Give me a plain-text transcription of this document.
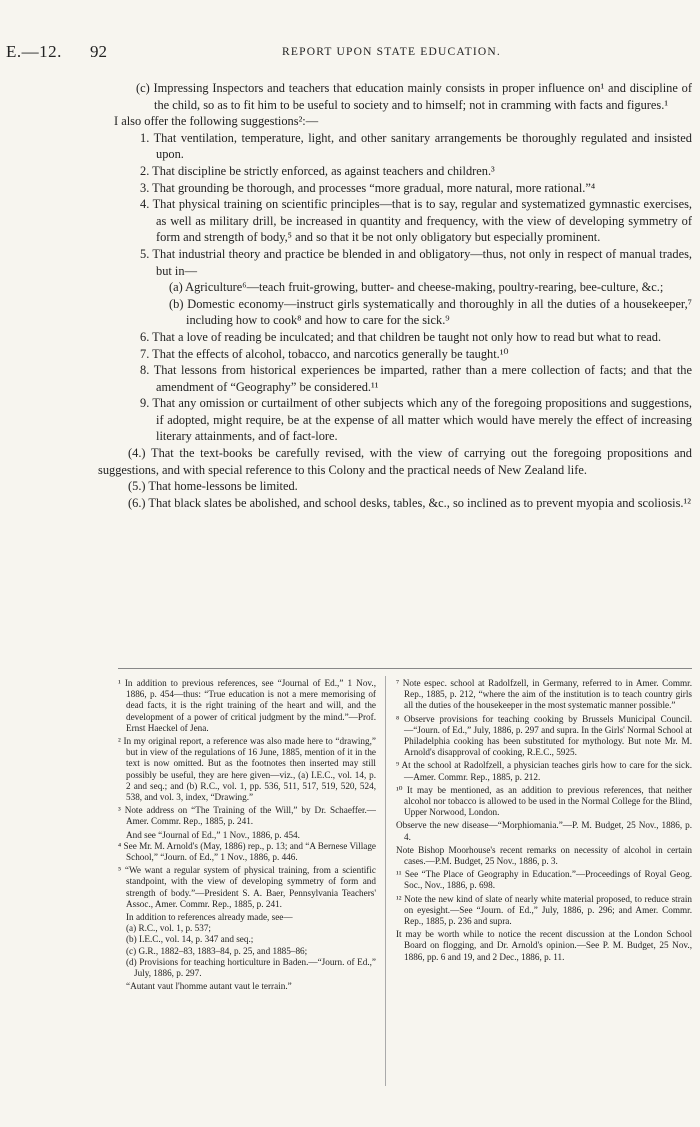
E.—12. 92	REPORT UPON STATE EDUCATION.

(c) Impressing Inspectors and teachers that education mainly consists in proper influence on¹ and discipline of the child, so as to fit him to be useful to society and to himself; not in cramming with facts and figures.¹

I also offer the following suggestions²:—

1. That ventilation, temperature, light, and other sanitary arrangements be thoroughly regulated and insisted upon.

2. That discipline be strictly enforced, as against teachers and children.³

3. That grounding be thorough, and processes “more gradual, more natural, more rational.”⁴

4. That physical training on scientific principles—that is to say, regular and systematized gymnastic exercises, as well as military drill, be increased in quantity and frequency, with the view of developing symmetry of form and strength of body,⁵ and so that it be not only obligatory but especially prominent.

5. That industrial theory and practice be blended in and obligatory—thus, not only in respect of manual trades, but in—

(a) Agriculture⁶—teach fruit-growing, butter- and cheese-making, poultry-rearing, bee-culture, &c.;

(b) Domestic economy—instruct girls systematically and thoroughly in all the duties of a housekeeper,⁷ including how to cook⁸ and how to care for the sick.⁹

6. That a love of reading be inculcated; and that children be taught not only how to read but what to read.

7. That the effects of alcohol, tobacco, and narcotics generally be taught.¹⁰

8. That lessons from historical experiences be imparted, rather than a mere collection of facts; and that the amendment of “Geography” be considered.¹¹

9. That any omission or curtailment of other subjects which any of the foregoing propositions and suggestions, if adopted, might require, be at the expense of all matter which would have merely the effect of increasing literary attainments, and of fact-lore.

(4.) That the text-books be carefully revised, with the view of carrying out the foregoing propositions and suggestions, and with special reference to this Colony and the practical needs of New Zealand life.

(5.) That home-lessons be limited.

(6.) That black slates be abolished, and school desks, tables, &c., so inclined as to prevent myopia and scoliosis.¹²

¹ In addition to previous references, see “Journal of Ed.,” 1 Nov., 1886, p. 454—thus: “True education is not a mere memorising of dead facts, it is the right training of the heart and will, and the development of a power of critical judgment by the mind.”—Prof. Ernst Haeckel of Jena.

² In my original report, a reference was also made here to “drawing,” but in view of the regulations of 16 June, 1885, mention of it in the text is now omitted. But as the footnotes then inserted may still possibly be useful, they are here given—viz., (a) I.E.C., vol. 14, p. 2 and seq.; and (b) R.C., vol. 1, pp. 536, 511, 517, 519, 520, 524, 538, and vol. 3, index, “Drawing.”

³ Note address on “The Training of the Will,” by Dr. Schaeffer.—Amer. Commr. Rep., 1885, p. 241.

And see “Journal of Ed.,” 1 Nov., 1886, p. 454.

⁴ See Mr. M. Arnold's (May, 1886) rep., p. 13; and “A Bernese Village School,” “Journ. of Ed.,” 1 Nov., 1886, p. 446.

⁵ “We want a regular system of physical training, from a scientific standpoint, with the view of developing symmetry of form and strength of body.”—President S. A. Baer, Pennsylvania Teachers' Assoc., Amer. Commr. Rep., 1885, p. 241.

In addition to references already made, see—

(a) R.C., vol. 1, p. 537;

(b) I.E.C., vol. 14, p. 347 and seq.;

(c) G.R., 1882–83, 1883–84, p. 25, and 1885–86;

(d) Provisions for teaching horticulture in Baden.—“Journ. of Ed.,” July, 1886, p. 297.

“Autant vaut l'homme autant vaut le terrain.”

⁷ Note espec. school at Radolfzell, in Germany, referred to in Amer. Commr. Rep., 1885, p. 212, “where the aim of the institution is to teach country girls all the duties of the housekeeper in the most systematic manner possible.”

⁸ Observe provisions for teaching cooking by Brussels Municipal Council.—“Journ. of Ed.,” July, 1886, p. 297 and supra. In the Girls' Normal School at Philadelphia cooking has been substituted for mythology. But note Mr. M. Arnold's disapproval of cooking, R.E.C., 5925.

⁹ At the school at Radolfzell, a physician teaches girls how to care for the sick.—Amer. Commr. Rep., 1885, p. 212.

¹⁰ It may be mentioned, as an addition to previous references, that neither alcohol nor tobacco is allowed to be used in the Normal College for the Blind, Upper Norwood, London.

Observe the new disease—“Morphiomania.”—P. M. Budget, 25 Nov., 1886, p. 4.

Note Bishop Moorhouse's recent remarks on necessity of alcohol in certain cases.—P.M. Budget, 25 Nov., 1886, p. 3.

¹¹ See “The Place of Geography in Education.”—Proceedings of Royal Geog. Soc., Nov., 1886, p. 698.

¹² Note the new kind of slate of nearly white material proposed, to reduce strain on eyesight.—See “Journ. of Ed.,” July, 1886, p. 296; and Amer. Commr. Rep., 1885, p. 236 and supra.

It may be worth while to notice the recent discussion at the London School Board on flogging, and Dr. Arnold's opinion.—See P. M. Budget, 25 Nov., 1886, pp. 6 and 19, and 2 Dec., 1886, p. 11.
